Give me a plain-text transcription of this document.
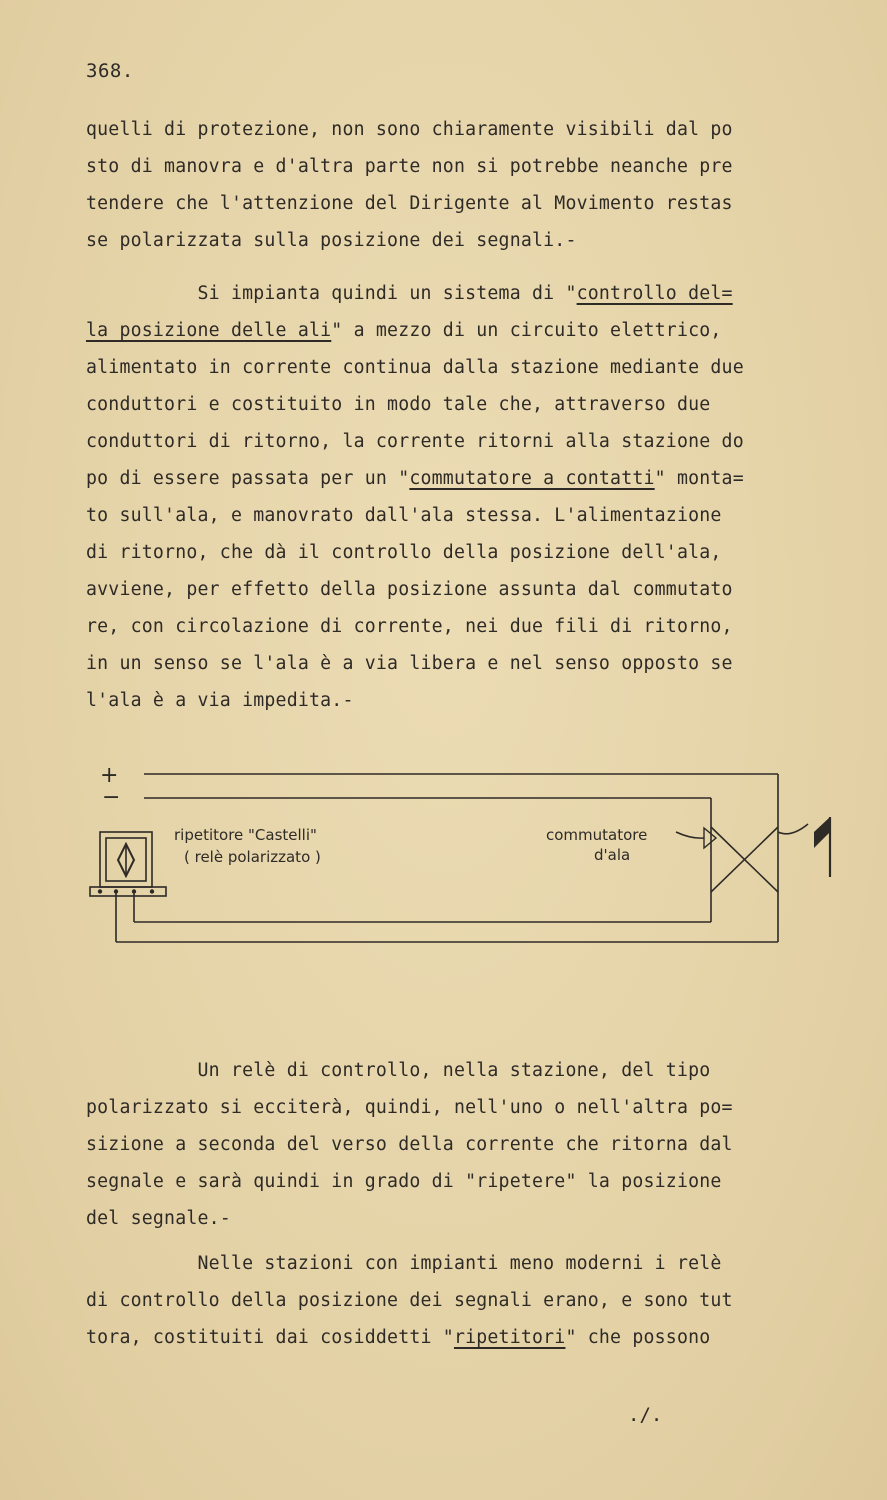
368.
quelli di protezione, non sono chiaramente visibili dal po
sto di manovra e d'altra parte non si potrebbe neanche pre
tendere che l'attenzione del Dirigente al Movimento restas
se polarizzata sulla posizione dei segnali.-
Si impianta quindi un sistema di "controllo del=
la posizione delle ali" a mezzo di un circuito elettrico,
alimentato in corrente continua dalla stazione mediante due
conduttori e costituito in modo tale che, attraverso due
conduttori di ritorno, la corrente ritorni alla stazione do
po di essere passata per un "commutatore a contatti" monta=
to sull'ala, e manovrato dall'ala stessa. L'alimentazione
di ritorno, che dà il controllo della posizione dell'ala,
avviene, per effetto della posizione assunta dal commutato
re, con circolazione di corrente, nei due fili di ritorno,
in un senso se l'ala è a via libera e nel senso opposto se
l'ala è a via impedita.-
+
−
ripetitore "Castelli"
( relè polarizzato )
commutatore
d'ala
Un relè di controllo, nella stazione, del tipo
polarizzato si ecciterà, quindi, nell'uno o nell'altra po=
sizione a seconda del verso della corrente che ritorna dal
segnale e sarà quindi in grado di "ripetere" la posizione
del segnale.-
Nelle stazioni con impianti meno moderni i relè
di controllo della posizione dei segnali erano, e sono tut
tora, costituiti dai cosiddetti "ripetitori" che possono
./.
